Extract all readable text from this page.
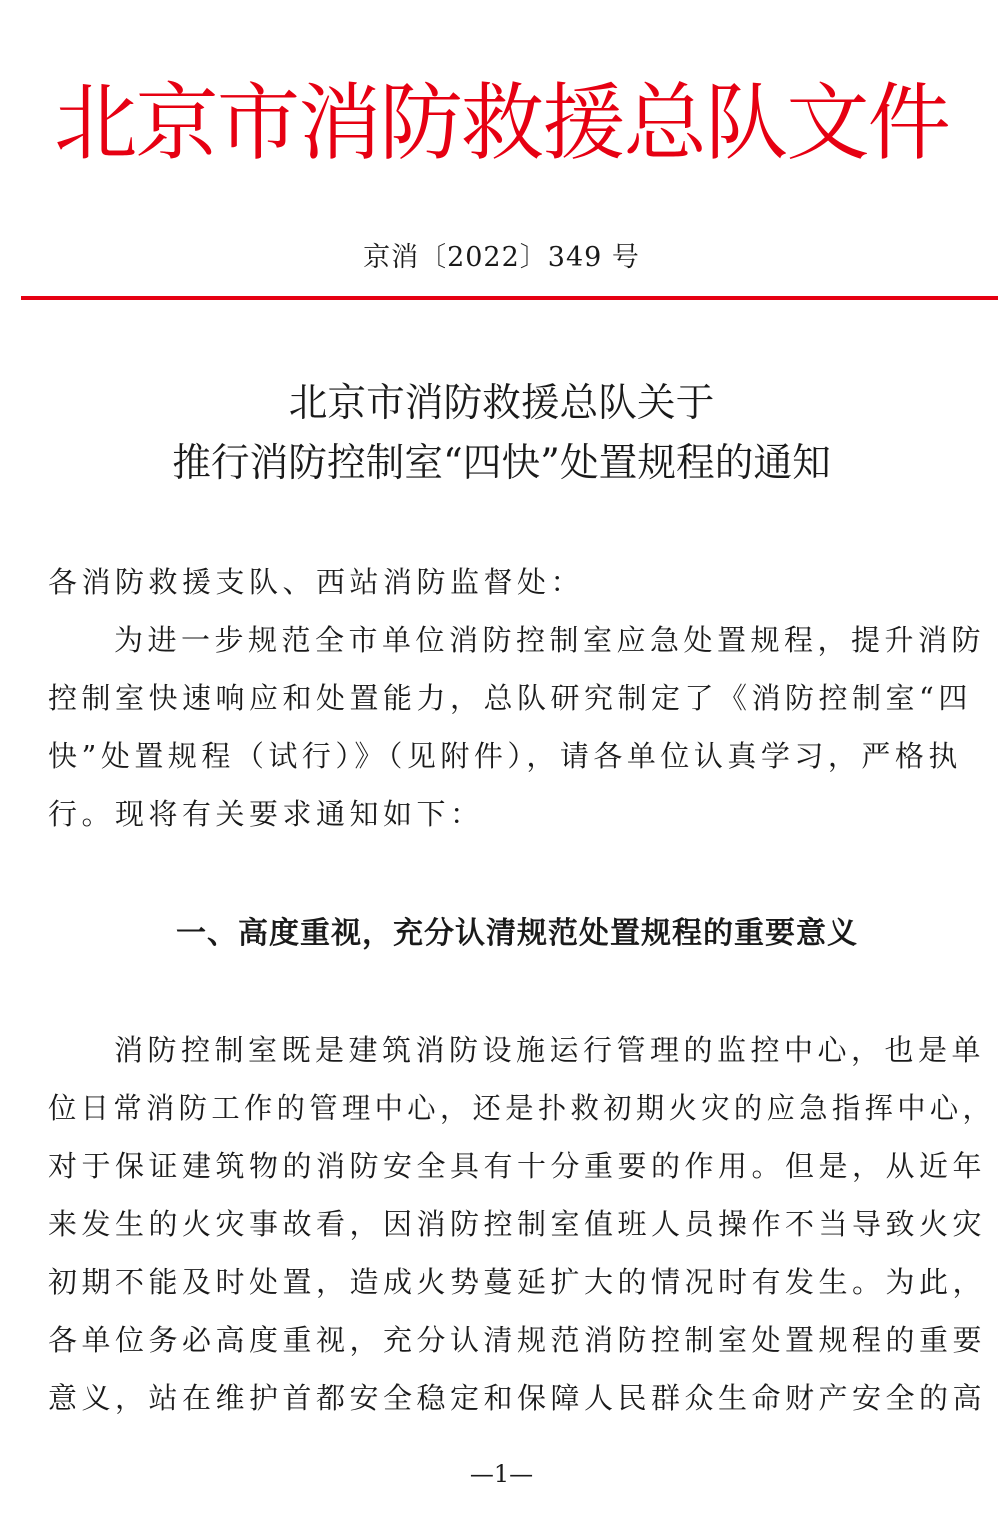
北京市消防救援总队文件
京消〔2022〕349 号
北京市消防救援总队关于
推行消防控制室“四快”处置规程的通知
各消防救援支队、西站消防监督处：
为进一步规范全市单位消防控制室应急处置规程，提升消防
控制室快速响应和处置能力，总队研究制定了《消防控制室“四
快”处置规程（试行）》（见附件），请各单位认真学习，严格执
行。现将有关要求通知如下：
一、高度重视，充分认清规范处置规程的重要意义
消防控制室既是建筑消防设施运行管理的监控中心，也是单
位日常消防工作的管理中心，还是扑救初期火灾的应急指挥中心，
对于保证建筑物的消防安全具有十分重要的作用。但是，从近年
来发生的火灾事故看，因消防控制室值班人员操作不当导致火灾
初期不能及时处置，造成火势蔓延扩大的情况时有发生。为此，
各单位务必高度重视，充分认清规范消防控制室处置规程的重要
意义，站在维护首都安全稳定和保障人民群众生命财产安全的高
—1—
